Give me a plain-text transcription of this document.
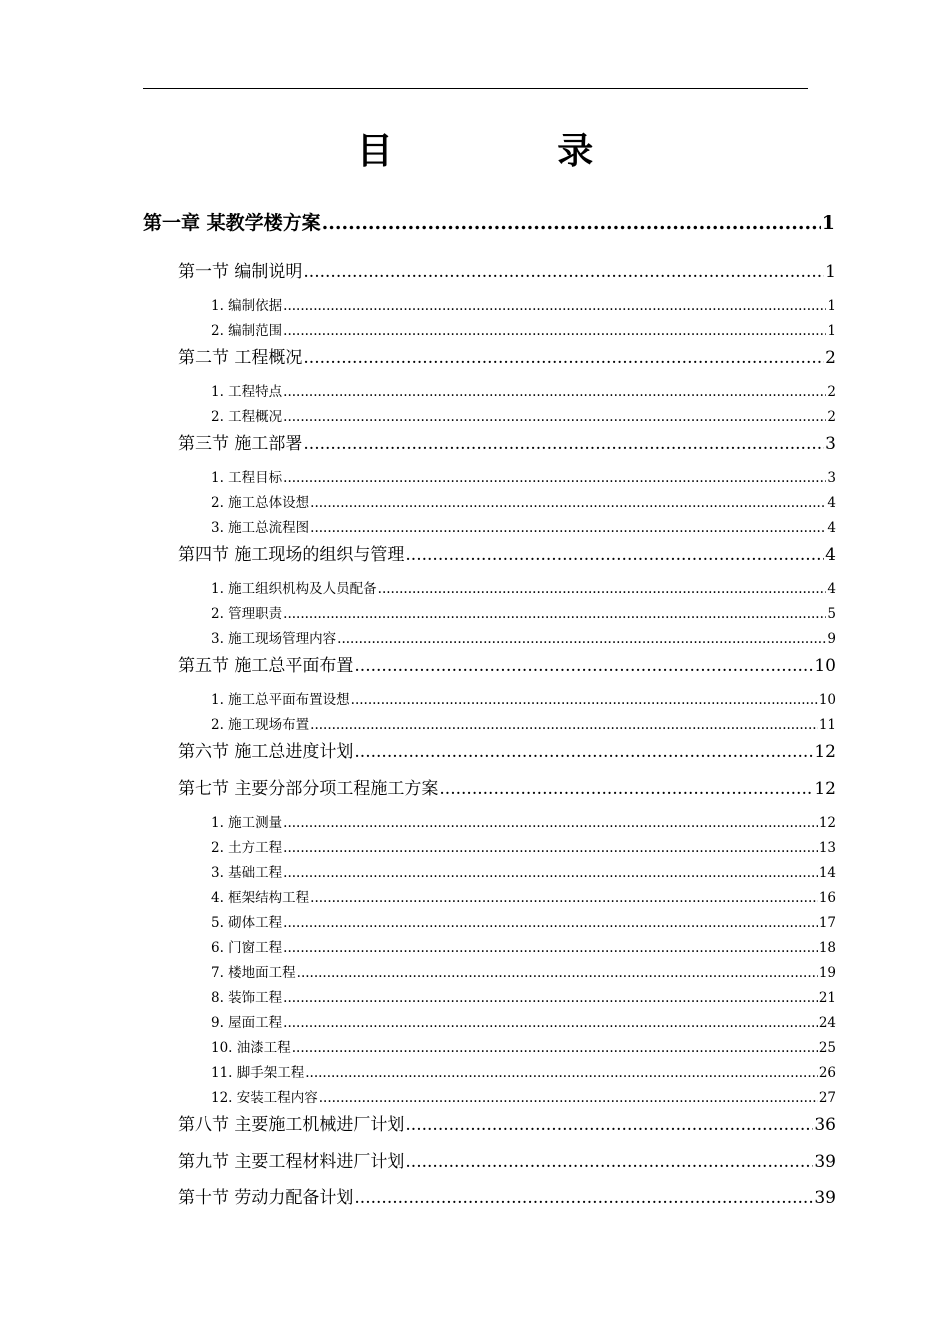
目 录
第一章 某教学楼方案 .....	1
第一节 编制说明 .....	1
1. 编制依据 .....	1
2. 编制范围 .....	1
第二节 工程概况 .....	2
1. 工程特点 .....	2
2. 工程概况 .....	2
第三节 施工部署 .....	3
1. 工程目标 .....	3
2. 施工总体设想 .....	4
3. 施工总流程图 .....	4
第四节 施工现场的组织与管理 .....	4
1. 施工组织机构及人员配备 .....	4
2. 管理职责 .....	5
3. 施工现场管理内容 .....	9
第五节 施工总平面布置 .....	10
1. 施工总平面布置设想 .....	10
2. 施工现场布置 .....	11
第六节 施工总进度计划 .....	12
第七节 主要分部分项工程施工方案 .....	12
1. 施工测量 .....	12
2. 土方工程 .....	13
3. 基础工程 .....	14
4. 框架结构工程 .....	16
5. 砌体工程 .....	17
6. 门窗工程 .....	18
7. 楼地面工程 .....	19
8. 装饰工程 .....	21
9. 屋面工程 .....	24
10. 油漆工程 .....	25
11. 脚手架工程 .....	26
12. 安装工程内容 .....	27
第八节 主要施工机械进厂计划 .....	36
第九节 主要工程材料进厂计划 .....	39
第十节 劳动力配备计划 .....	39
